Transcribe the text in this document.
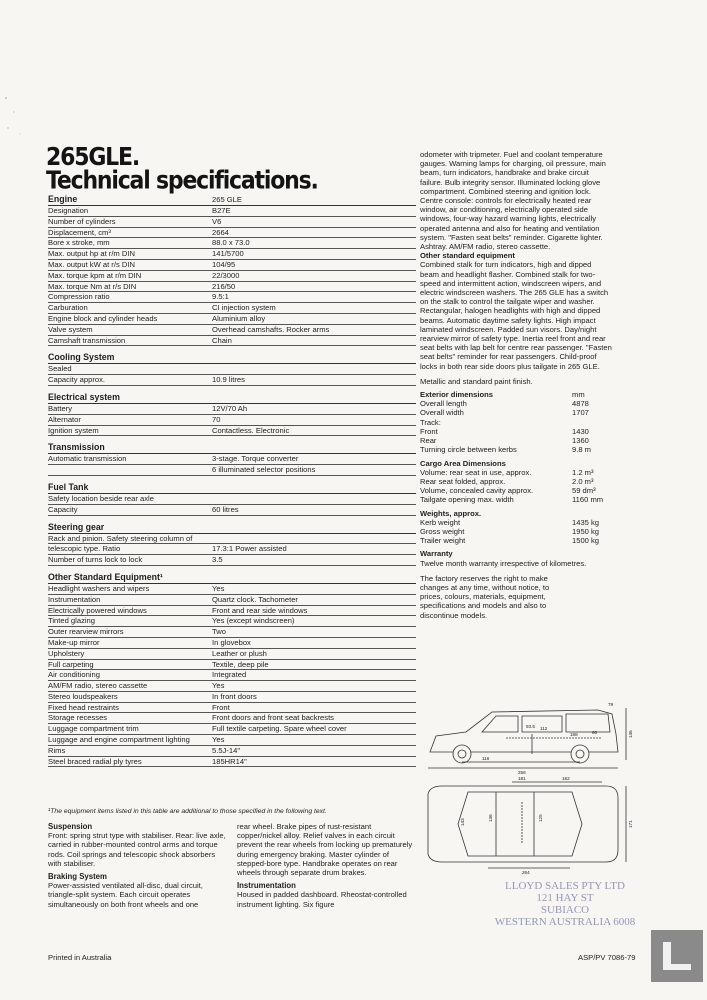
265GLE.
Technical specifications.
Engine	265 GLE
Designation	B27E
Number of cylinders	V6
Displacement, cm³	2664
Bore x stroke, mm	88.0 x 73.0
Max. output hp at r/m DIN	141/5700
Max. output kW at r/s DIN	104/95
Max. torque kpm at r/m DIN	22/3000
Max. torque Nm at r/s DIN	216/50
Compression ratio	9.5:1
Carburation	CI injection system
Engine block and cylinder heads	Aluminium alloy
Valve system	Overhead camshafts. Rocker arms
Camshaft transmission	Chain
Cooling System
Sealed
Capacity approx.	10.9 litres
Electrical system
Battery	12V/70 Ah
Alternator	70
Ignition system	Contactless. Electronic
Transmission
Automatic transmission	3-stage. Torque converter
6 illuminated selector positions
Fuel Tank
Safety location beside rear axle
Capacity	60 litres
Steering gear
Rack and pinion. Safety steering column of
telescopic type. Ratio	17.3:1 Power assisted
Number of turns lock to lock	3.5
Other Standard Equipment¹
Headlight washers and wipers	Yes
Instrumentation	Quartz clock. Tachometer
Electrically powered windows	Front and rear side windows
Tinted glazing	Yes (except windscreen)
Outer rearview mirrors	Two
Make-up mirror	In glovebox
Upholstery	Leather or plush
Full carpeting	Textile, deep pile
Air conditioning	Integrated
AM/FM radio, stereo cassette	Yes
Stereo loudspeakers	In front doors
Fixed head restraints	Front
Storage recesses	Front doors and front seat backrests
Luggage compartment trim	Full textile carpeting. Spare wheel cover
Luggage and engine compartment lighting	Yes
Rims	5.5J-14"
Steel braced radial ply tyres	185HR14"
¹The equipment items listed in this table are additional to those specified in the following text.
Suspension
Front: spring strut type with stabiliser. Rear: live axle, carried in rubber-mounted control arms and torque rods. Coil springs and telescopic shock absorbers with stabiliser.
Braking System
Power-assisted ventilated all-disc, dual circuit, triangle-split system. Each circuit operates simultaneously on both front wheels and one
rear wheel. Brake pipes of rust-resistant copper/nickel alloy. Relief valves in each circuit prevent the rear wheels from locking up prematurely during emergency braking. Master cylinder of stepped-bore type. Handbrake operates on rear wheels through separate drum brakes.
Instrumentation
Housed in padded dashboard. Rheostat-controlled instrument lighting. Six figure

odometer with tripmeter. Fuel and coolant temperature gauges. Warning lamps for charging, oil pressure, main beam, turn indicators, handbrake and brake circuit failure. Bulb integrity sensor. Illuminated locking glove compartment. Combined steering and ignition lock.

Centre console: controls for electrically heated rear window, air conditioning, electrically operated side windows, four-way hazard warning lights, electrically operated antenna and also for heating and ventilation system. "Fasten seat belts" reminder. Cigarette lighter. Ashtray. AM/FM radio, stereo cassette.

Other standard equipment

Combined stalk for turn indicators, high and dipped beam and headlight flasher. Combined stalk for two-speed and intermittent action, windscreen wipers, and electric windscreen washers. The 265 GLE has a switch on the stalk to control the tailgate wiper and washer. Rectangular, halogen headlights with high and dipped beams. Automatic daytime safety lights. High impact laminated windscreen. Padded sun visors. Day/night rearview mirror of safety type. Inertia reel front and rear seat belts with lap belt for centre rear passenger. "Fasten seat belts" reminder for rear passengers. Child-proof locks in both rear side doors plus tailgate in 265 GLE.

Metallic and standard paint finish.

Exterior dimensions	mm
Overall length	4878
Overall width	1707
Track:
Front	1430
Rear	1360
Turning circle between kerbs	9.8 m
Cargo Area Dimensions
Volume: rear seat in use, approx.	1.2 m³
Rear seat folded, approx.	2.0 m³
Volume, concealed cavity approx.	59 dm³
Tailgate opening max. width	1160 mm
Weights, approx.
Kerb weight	1435 kg
Gross weight	1950 kg
Trailer weight	1500 kg
Warranty

Twelve month warranty irrespective of kilometres.

The factory reserves the right to make changes at any time, without notice, to prices, colours, materials, equipment, specifications and models and also to discontinue models.

79
93.5 112
188	60	146
256
116
181	182
136	125
171
143
264
LLOYD SALES PTY LTD
121 HAY ST
SUBIACO
WESTERN AUSTRALIA 6008
Printed in Australia	ASP/PV 7086-79
